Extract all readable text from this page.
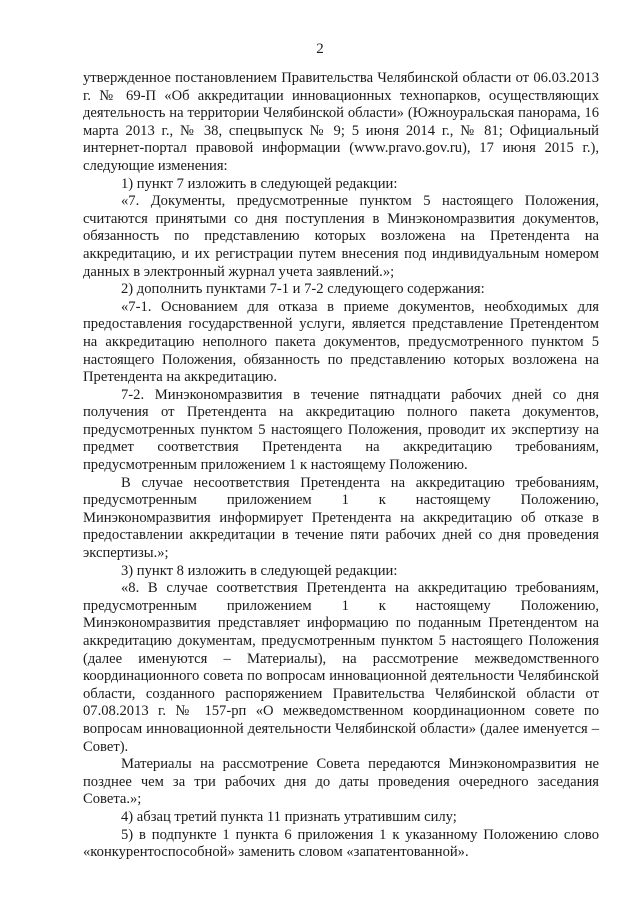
2

утвержденное постановлением Правительства Челябинской области от 06.03.2013 г. № 69-П «Об аккредитации инновационных технопарков, осуществляющих деятельность на территории Челябинской области» (Южноуральская панорама, 16 марта 2013 г., № 38, спецвыпуск № 9; 5 июня 2014 г., № 81; Официальный интернет-портал правовой информации (www.pravo.gov.ru), 17 июня 2015 г.), следующие изменения:

1) пункт 7 изложить в следующей редакции:

«7. Документы, предусмотренные пунктом 5 настоящего Положения, считаются принятыми со дня поступления в Минэкономразвития документов, обязанность по представлению которых возложена на Претендента на аккредитацию, и их регистрации путем внесения под индивидуальным номером данных в электронный журнал учета заявлений.»;

2) дополнить пунктами 7-1 и 7-2 следующего содержания:

«7-1. Основанием для отказа в приеме документов, необходимых для предоставления государственной услуги, является представление Претендентом на аккредитацию неполного пакета документов, предусмотренного пунктом 5 настоящего Положения, обязанность по представлению которых возложена на Претендента на аккредитацию.

7-2. Минэкономразвития в течение пятнадцати рабочих дней со дня получения от Претендента на аккредитацию полного пакета документов, предусмотренных пунктом 5 настоящего Положения, проводит их экспертизу на предмет соответствия Претендента на аккредитацию требованиям, предусмотренным приложением 1 к настоящему Положению.

В случае несоответствия Претендента на аккредитацию требованиям, предусмотренным приложением 1 к настоящему Положению, Минэкономразвития информирует Претендента на аккредитацию об отказе в предоставлении аккредитации в течение пяти рабочих дней со дня проведения экспертизы.»;

3) пункт 8 изложить в следующей редакции:

«8. В случае соответствия Претендента на аккредитацию требованиям, предусмотренным приложением 1 к настоящему Положению, Минэкономразвития представляет информацию по поданным Претендентом на аккредитацию документам, предусмотренным пунктом 5 настоящего Положения (далее именуются – Материалы), на рассмотрение межведомственного координационного совета по вопросам инновационной деятельности Челябинской области, созданного распоряжением Правительства Челябинской области от 07.08.2013 г. № 157-рп «О межведомственном координационном совете по вопросам инновационной деятельности Челябинской области» (далее именуется – Совет).

Материалы на рассмотрение Совета передаются Минэкономразвития не позднее чем за три рабочих дня до даты проведения очередного заседания Совета.»;

4) абзац третий пункта 11 признать утратившим силу;

5) в подпункте 1 пункта 6 приложения 1 к указанному Положению слово «конкурентоспособной» заменить словом «запатентованной».
